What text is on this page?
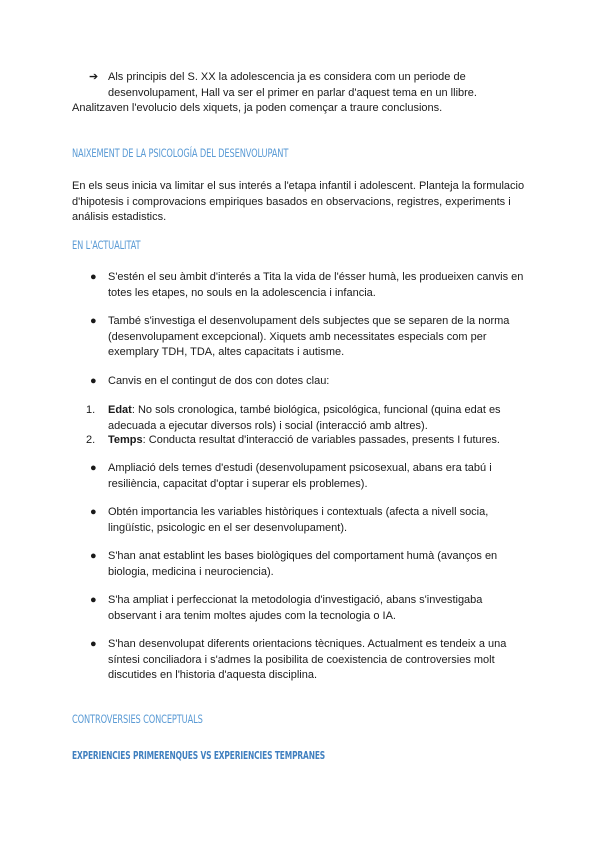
➔ Als principis del S. XX la adolescencia ja es considera com un periode de desenvolupament, Hall va ser el primer en parlar d'aquest tema en un llibre.

Analitzaven l'evolucio dels xiquets, ja poden començar a traure conclusions.

NAIXEMENT DE LA PSICOLOGÍA DEL DESENVOLUPANT

En els seus inicia va limitar el sus interés a l'etapa infantil i adolescent. Planteja la formulacio d'hipotesis i comprovacions empiriques basados en observacions, registres, experiments i análisis estadistics.

EN L'ACTUALITAT
● S'estén el seu àmbit d'interés a Tita la vida de l'ésser humà, les produeixen canvis en totes les etapes, no souls en la adolescencia i infancia.

● També s'investiga el desenvolupament dels subjectes que se separen de la norma (desenvolupament excepcional). Xiquets amb necessitates especials com per exemplary TDH, TDA, altes capacitats i autisme.

● Canvis en el contingut de dos con dotes clau:

1. Edat: No sols cronologica, també biológica, psicológica, funcional (quina edat es adecuada a ejecutar diversos rols) i social (interacció amb altres).

2. Temps: Conducta resultat d'interacció de variables passades, presents I futures.

● Ampliació dels temes d'estudi (desenvolupament psicosexual, abans era tabú i resiliència, capacitat d'optar i superar els problemes).

● Obtén importancia les variables històriques i contextuals (afecta a nivell socia, lingüístic, psicologic en el ser desenvolupament).

● S'han anat establint les bases biològiques del comportament humà (avanços en biologia, medicina i neurociencia).

● S'ha ampliat i perfeccionat la metodologia d'investigació, abans s'investigaba observant i ara tenim moltes ajudes com la tecnologia o IA.

● S'han desenvolupat diferents orientacions tècniques. Actualment es tendeix a una síntesi conciliadora i s'admes la posibilita de coexistencia de controversies molt discutides en l'historia d'aquesta disciplina.

CONTROVERSIES CONCEPTUALS
EXPERIENCIES PRIMERENQUES VS EXPERIENCIES TEMPRANES
